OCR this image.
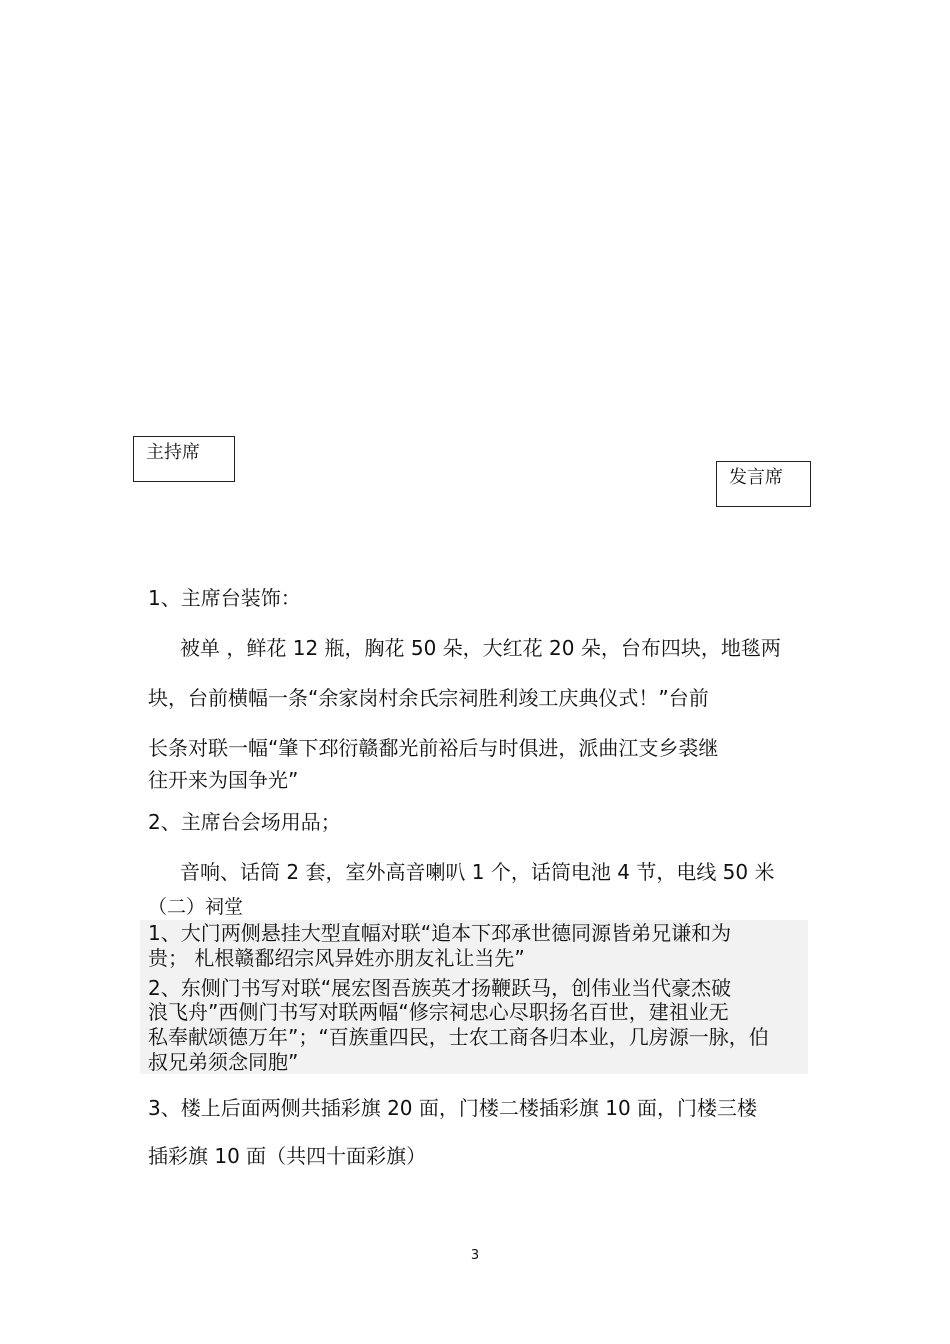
主持席
发言席
1、主席台装饰：
被单 ，鲜花 12 瓶，胸花 50 朵，大红花 20 朵，台布四块，地毯两
块，台前横幅一条“余家岗村余氏宗祠胜利竣工庆典仪式！”台前
长条对联一幅“肇下邳衍赣鄱光前裕后与时俱进，派曲江支乡裘继
往开来为国争光”
2、主席台会场用品；
音响、话筒 2 套，室外高音喇叭 1 个，话筒电池 4 节，电线 50 米
（二）祠堂
1、大门两侧悬挂大型直幅对联“追本下邳承世德同源皆弟兄谦和为
贵； 札根赣鄱绍宗风异姓亦朋友礼让当先”
2、东侧门书写对联“展宏图吾族英才扬鞭跃马，创伟业当代豪杰破
浪飞舟”西侧门书写对联两幅“修宗祠忠心尽职扬名百世，建祖业无
私奉献颂德万年”；“百族重四民，士农工商各归本业，几房源一脉，伯
叔兄弟须念同胞”
3、楼上后面两侧共插彩旗 20 面，门楼二楼插彩旗 10 面，门楼三楼
插彩旗 10 面（共四十面彩旗）
3
